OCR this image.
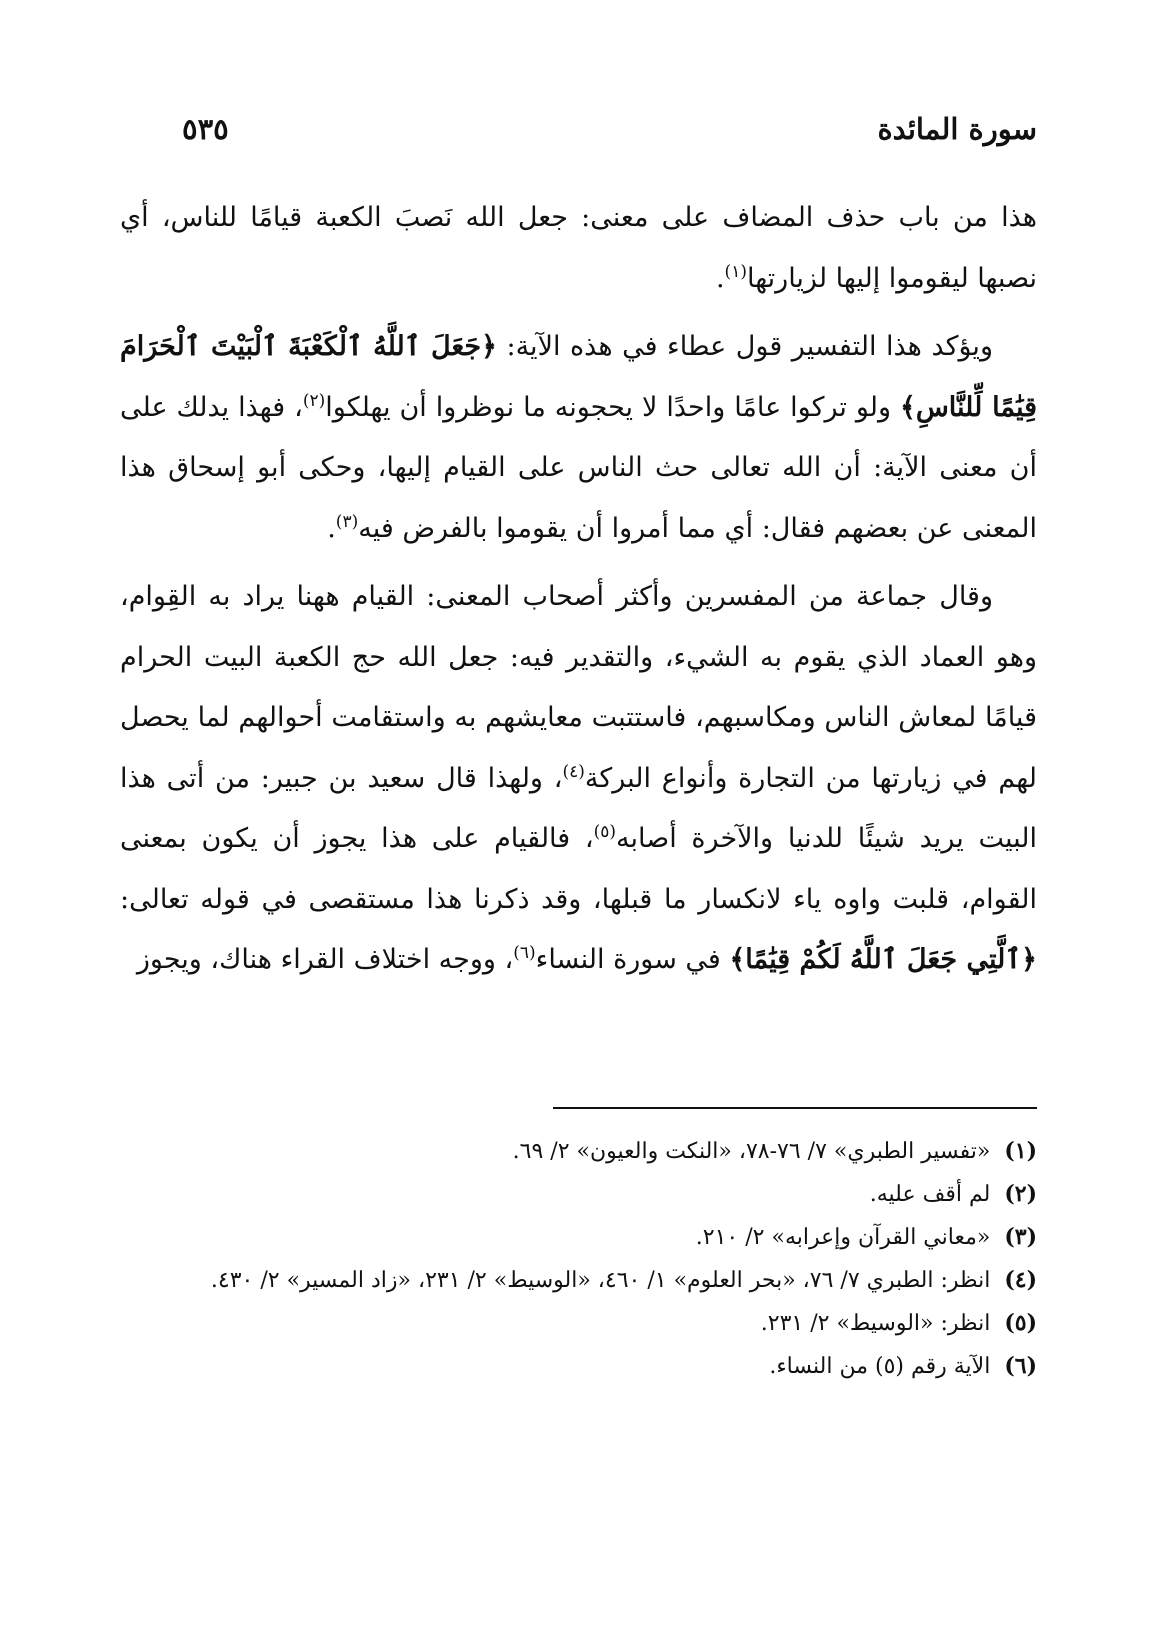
سورة المائدة
٥٣٥

هذا من باب حذف المضاف على معنى: جعل الله نَصبَ الكعبة قيامًا للناس، أي نصبها ليقوموا إليها لزيارتها$^{(١)}$.

ويؤكد هذا التفسير قول عطاء في هذه الآية: ﴿جَعَلَ ٱللَّهُ ٱلْكَعْبَةَ ٱلْبَيْتَ ٱلْحَرَامَ قِيَٰمًا لِّلنَّاسِ﴾ ولو تركوا عامًا واحدًا لا يحجونه ما نوظروا أن يهلكوا$^{(٢)}$، فهذا يدلك على أن معنى الآية: أن الله تعالى حث الناس على القيام إليها، وحكى أبو إسحاق هذا المعنى عن بعضهم فقال: أي مما أمروا أن يقوموا بالفرض فيه$^{(٣)}$.

وقال جماعة من المفسرين وأكثر أصحاب المعنى: القيام ههنا يراد به القِوام، وهو العماد الذي يقوم به الشيء، والتقدير فيه: جعل الله حج الكعبة البيت الحرام قيامًا لمعاش الناس ومكاسبهم، فاستتبت معايشهم به واستقامت أحوالهم لما يحصل لهم في زيارتها من التجارة وأنواع البركة$^{(٤)}$، ولهذا قال سعيد بن جبير: من أتى هذا البيت يريد شيئًا للدنيا والآخرة أصابه$^{(٥)}$، فالقيام على هذا يجوز أن يكون بمعنى القوام، قلبت واوه ياء لانكسار ما قبلها، وقد ذكرنا هذا مستقصى في قوله تعالى: ﴿ٱلَّتِي جَعَلَ ٱللَّهُ لَكُمْ قِيَٰمًا﴾ في سورة النساء$^{(٦)}$، ووجه اختلاف القراء هناك، ويجوز

(١)
«تفسير الطبري» ٧/ ٧٦-٧٨، «النكت والعيون» ٢/ ٦٩.
(٢)
لم أقف عليه.
(٣)
«معاني القرآن وإعرابه» ٢/ ٢١٠.
(٤)
انظر: الطبري ٧/ ٧٦، «بحر العلوم» ١/ ٤٦٠، «الوسيط» ٢/ ٢٣١، «زاد المسير» ٢/ ٤٣٠.
(٥)
انظر: «الوسيط» ٢/ ٢٣١.
(٦)
الآية رقم (٥) من النساء.
